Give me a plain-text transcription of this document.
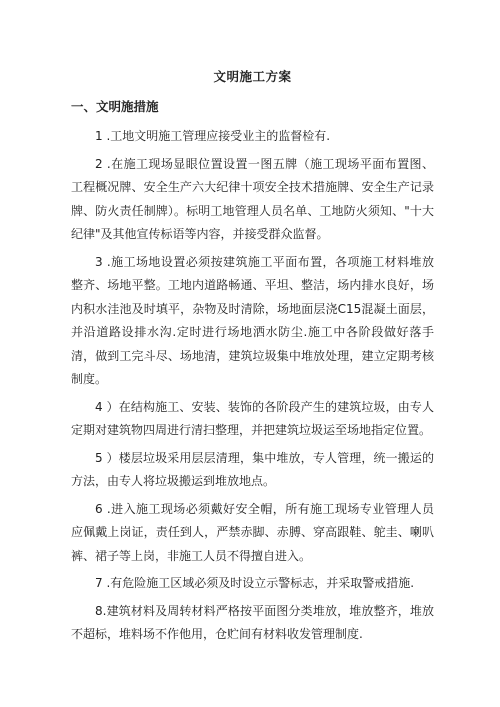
文明施工方案
一、文明施措施

1 .工地文明施工管理应接受业主的监督检有.

2 .在施工现场显眼位置设置一图五牌（施工现场平面布置图、工程概况牌、安全生产六大纪律十项安全技术措施牌、安全生产记录牌、防火责任制牌）。标明工地管理人员名单、工地防火须知、"十大纪律"及其他宣传标语等内容，并接受群众监督。

3 .施工场地设置必须按建筑施工平面布置，各项施工材料堆放整齐、场地平整。工地内道路畅通、平坦、整洁，场内排水良好，场内积水洼池及时填平，杂物及时清除，场地面层浇C15混凝土面层，并沿道路设排水沟.定时进行场地洒水防尘.施工中各阶段做好落手清，做到工完斗尽、场地清，建筑垃圾集中堆放处理，建立定期考核制度。

4 ）在结构施工、安装、装饰的各阶段产生的建筑垃圾，由专人定期对建筑物四周进行清扫整理，并把建筑垃圾运至场地指定位置。

5 ）楼层垃圾采用层层清理，集中堆放，专人管理，统一搬运的方法，由专人将垃圾搬运到堆放地点。

6 .进入施工现场必须戴好安全帽，所有施工现场专业管理人员应佩戴上岗证，责任到人，严禁赤脚、赤膊、穿高跟鞋、鸵圭、喇叭裤、裙子等上岗，非施工人员不得擅自进入。

7 .有危险施工区域必须及时设立示警标志，并采取警戒措施.

8.建筑材料及周转材料严格按平面图分类堆放，堆放整齐，堆放不超标，堆料场不作他用，仓贮间有材料收发管理制度.
